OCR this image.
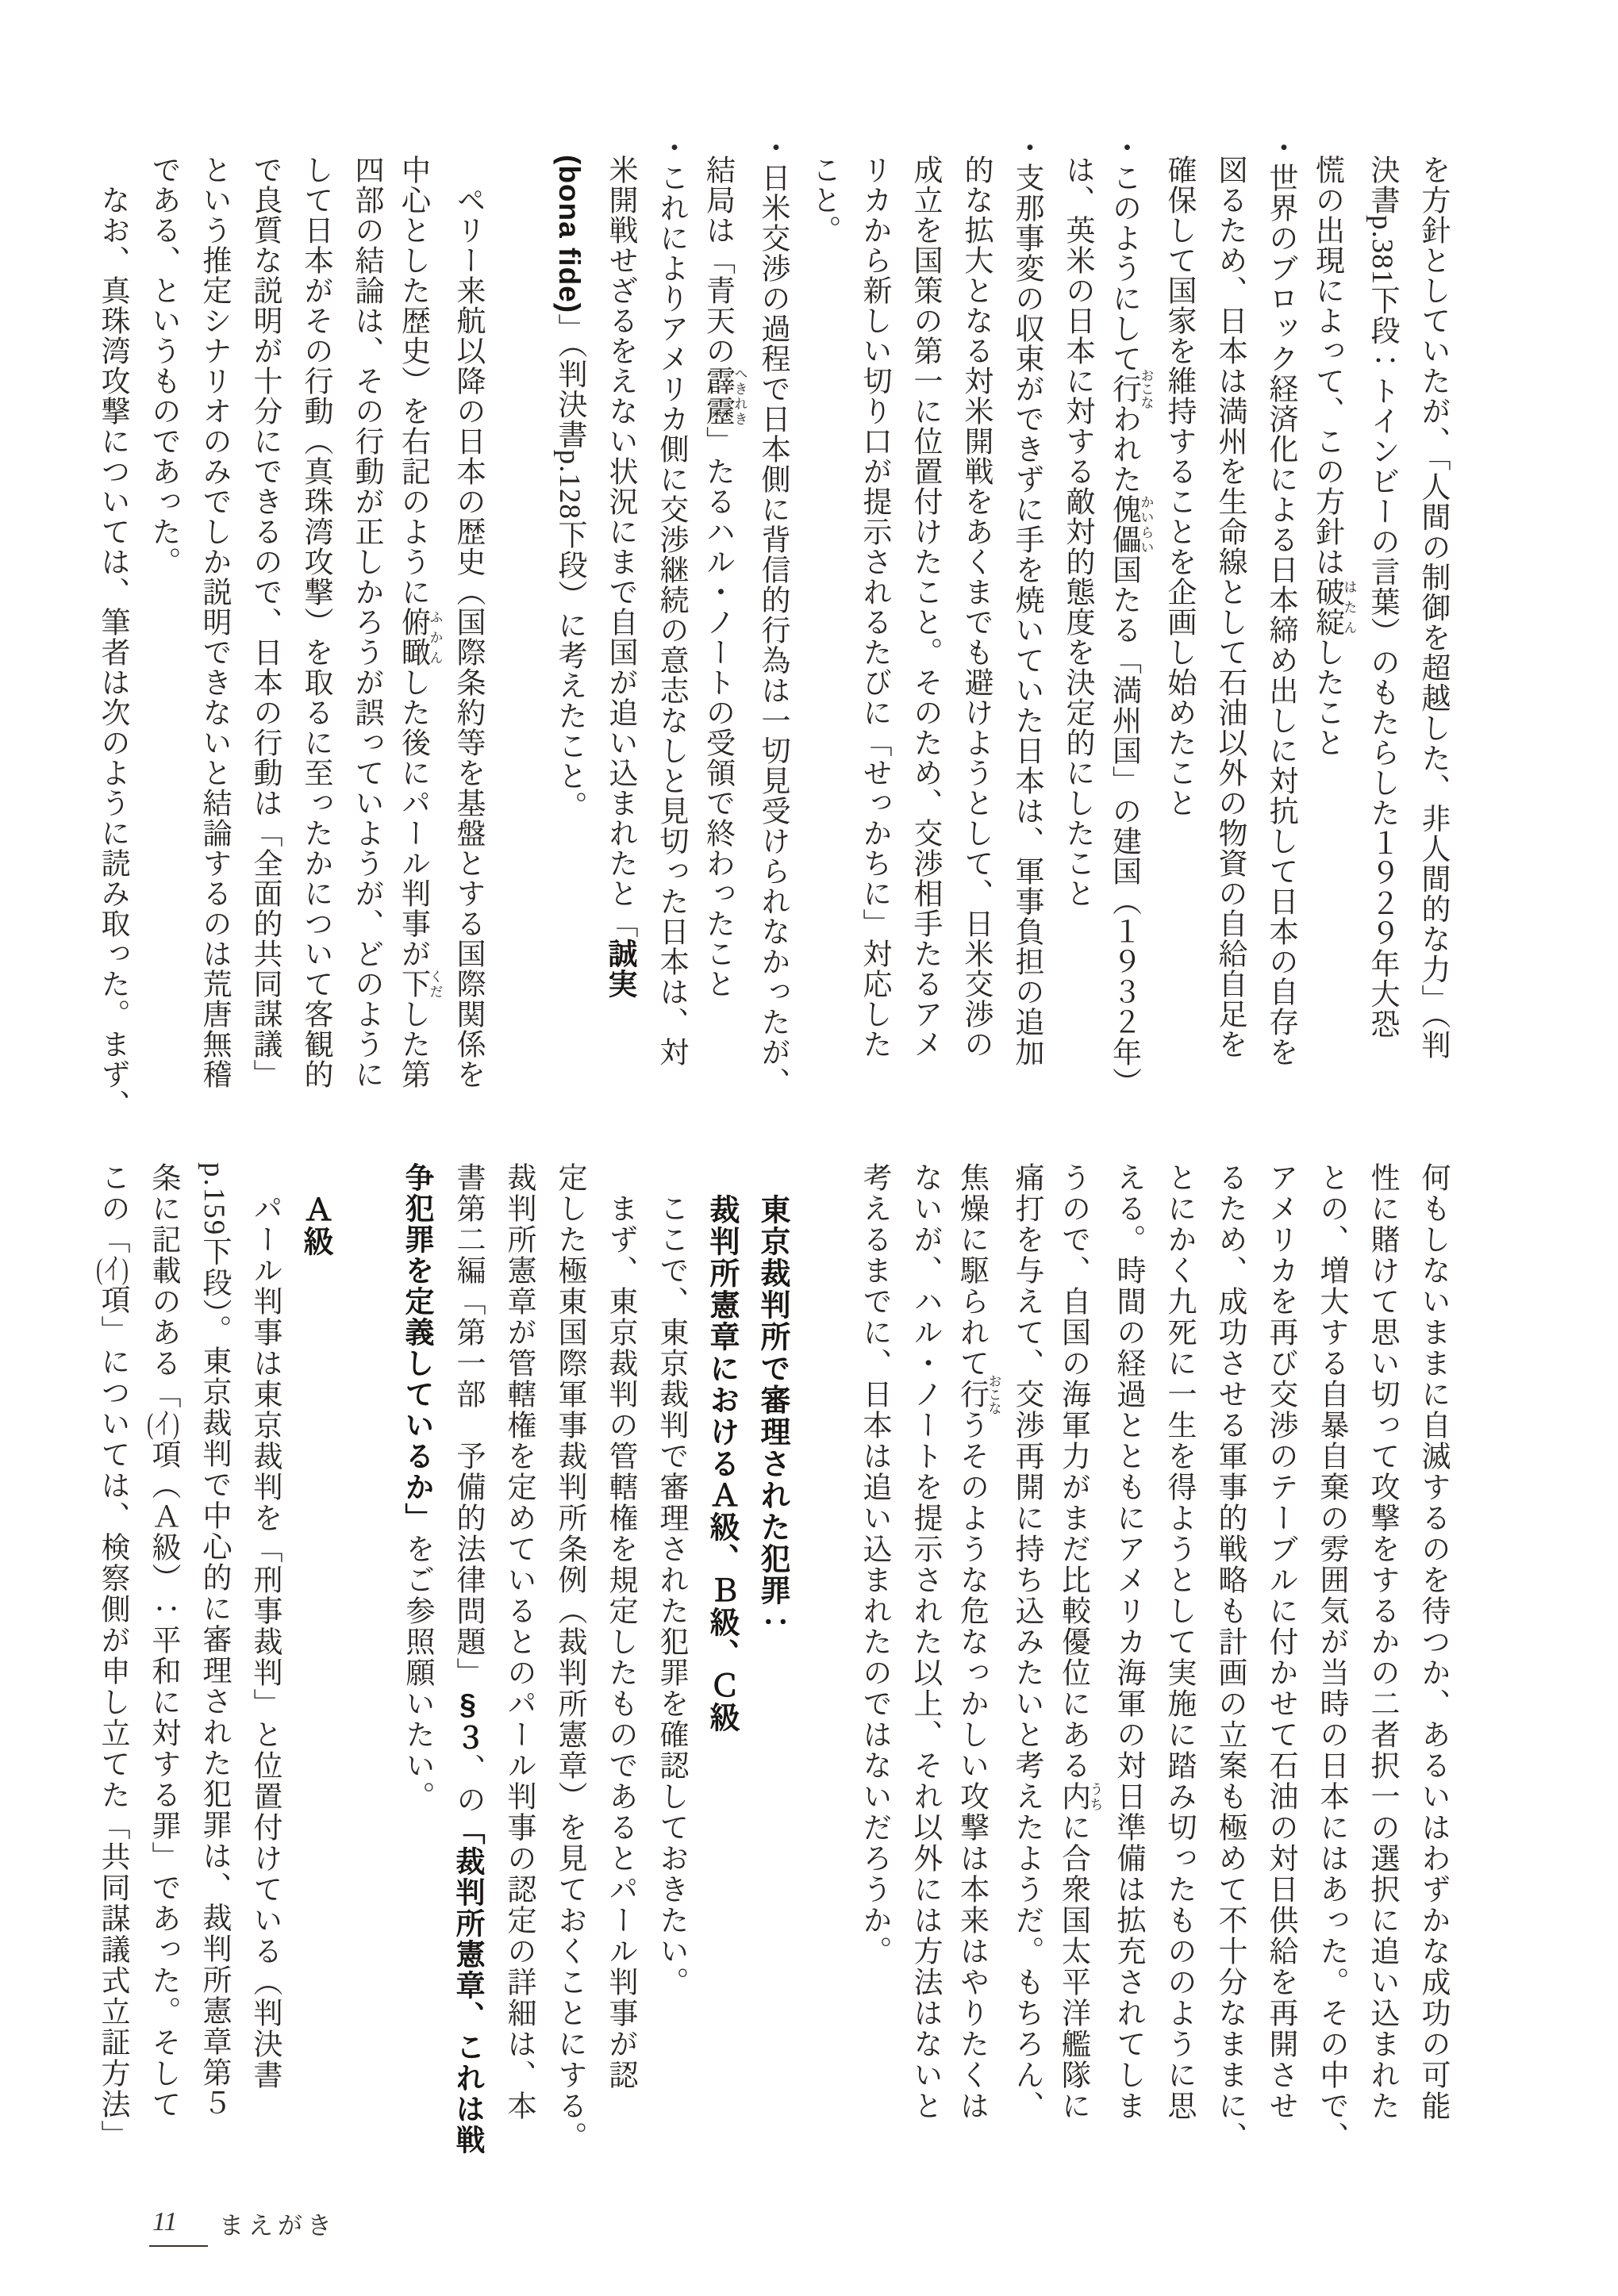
を方針としていたが、「人間の制御を超越した、非人間的な力」（判
決書p.381下段：トインビーの言葉）のもたらした１９２９年大恐
慌の出現によって、この方針は破綻はたんしたこと
・世界のブロック経済化による日本締め出しに対抗して日本の自存を
図るため、日本は満州を生命線として石油以外の物資の自給自足を
確保して国家を維持することを企画し始めたこと
・このようにして行おこなわれた傀儡かいらい国たる「満州国」の建国（１９３２年）
は、英米の日本に対する敵対的態度を決定的にしたこと
・支那事変の収束ができずに手を焼いていた日本は、軍事負担の追加
的な拡大となる対米開戦をあくまでも避けようとして、日米交渉の
成立を国策の第一に位置付けたこと。そのため、交渉相手たるアメ
リカから新しい切り口が提示されるたびに「せっかちに」対応した
こと。
・日米交渉の過程で日本側に背信的行為は一切見受けられなかったが、
結局は「青天の霹靂へきれき」たるハル・ノートの受領で終わったこと
・これによりアメリカ側に交渉継続の意志なしと見切った日本は、対
米開戦せざるをえない状況にまで自国が追い込まれたと「誠実
(bona fide)」（判決書p.128下段）に考えたこと。
　ペリー来航以降の日本の歴史（国際条約等を基盤とする国際関係を
中心とした歴史）を右記のように俯瞰ふかんした後にパール判事が下くだした第
四部の結論は、その行動が正しかろうが誤っていようが、どのように
して日本がその行動（真珠湾攻撃）を取るに至ったかについて客観的
で良質な説明が十分にできるので、日本の行動は「全面的共同謀議」
という推定シナリオのみでしか説明できないと結論するのは荒唐無稽
である、というものであった。
　なお、真珠湾攻撃については、筆者は次のように読み取った。まず、
何もしないままに自滅するのを待つか、あるいはわずかな成功の可能
性に賭けて思い切って攻撃をするかの二者択一の選択に追い込まれた
との、増大する自暴自棄の雰囲気が当時の日本にはあった。その中で、
アメリカを再び交渉のテーブルに付かせて石油の対日供給を再開させ
るため、成功させる軍事的戦略も計画の立案も極めて不十分なままに、
とにかく九死に一生を得ようとして実施に踏み切ったもののように思
える。時間の経過とともにアメリカ海軍の対日準備は拡充されてしま
うので、自国の海軍力がまだ比較優位にある内うちに合衆国太平洋艦隊に
痛打を与えて、交渉再開に持ち込みたいと考えたようだ。もちろん、
焦燥に駆られて行おこなうそのような危なっかしい攻撃は本来はやりたくは
ないが、ハル・ノートを提示された以上、それ以外には方法はないと
考えるまでに、日本は追い込まれたのではないだろうか。
　東京裁判所で審理された犯罪：
　裁判所憲章におけるＡ級、Ｂ級、Ｃ級
　ここで、東京裁判で審理された犯罪を確認しておきたい。
　まず、東京裁判の管轄権を規定したものであるとパール判事が認
定した極東国際軍事裁判所条例（裁判所憲章）を見ておくことにする。
裁判所憲章が管轄権を定めているとのパール判事の認定の詳細は、本
書第二編「第一部　予備的法律問題」§３、の「裁判所憲章、これは戦
争犯罪を定義しているか」をご参照願いたい。
　Ａ級
　パール判事は東京裁判を「刑事裁判」と位置付けている（判決書
p.159下段）。東京裁判で中心的に審理された犯罪は、裁判所憲章第５
条に記載のある「(イ)項（Ａ級）：平和に対する罪」であった。そして
この「(イ)項」については、検察側が申し立てた「共同謀議式立証方法」
11 まえがき
